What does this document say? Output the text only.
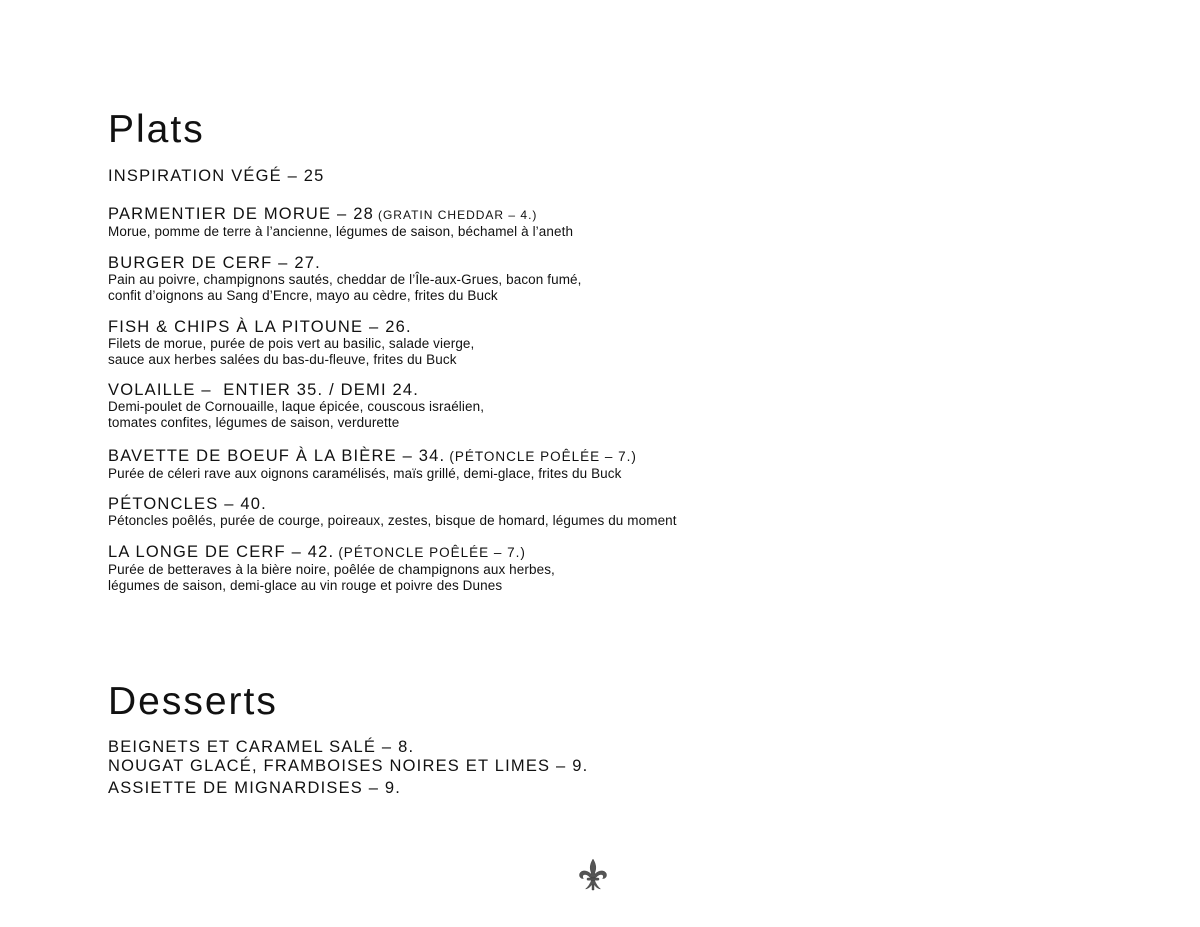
Plats
INSPIRATION VÉGÉ – 25
PARMENTIER DE MORUE – 28 (GRATIN CHEDDAR – 4.)
Morue, pomme de terre à l’ancienne, légumes de saison, béchamel à l’aneth
BURGER DE CERF – 27.
Pain au poivre, champignons sautés, cheddar de l’Île-aux-Grues, bacon fumé,
confit d’oignons au Sang d’Encre, mayo au cèdre, frites du Buck
FISH & CHIPS À LA PITOUNE – 26.
Filets de morue, purée de pois vert au basilic, salade vierge,
sauce aux herbes salées du bas-du-fleuve, frites du Buck
VOLAILLE –  ENTIER 35. / DEMI 24.
Demi-poulet de Cornouaille, laque épicée, couscous israélien,
tomates confites, légumes de saison, verdurette
BAVETTE DE BOEUF À LA BIÈRE – 34. (PÉTONCLE POÊLÉE – 7.)
Purée de céleri rave aux oignons caramélisés, maïs grillé, demi-glace, frites du Buck
PÉTONCLES – 40.
Pétoncles poêlés, purée de courge, poireaux, zestes, bisque de homard, légumes du moment
LA LONGE DE CERF – 42. (PÉTONCLE POÊLÉE – 7.)
Purée de betteraves à la bière noire, poêlée de champignons aux herbes,
légumes de saison, demi-glace au vin rouge et poivre des Dunes
Desserts
BEIGNETS ET CARAMEL SALÉ – 8.
NOUGAT GLACÉ, FRAMBOISES NOIRES ET LIMES – 9.
ASSIETTE DE MIGNARDISES – 9.
